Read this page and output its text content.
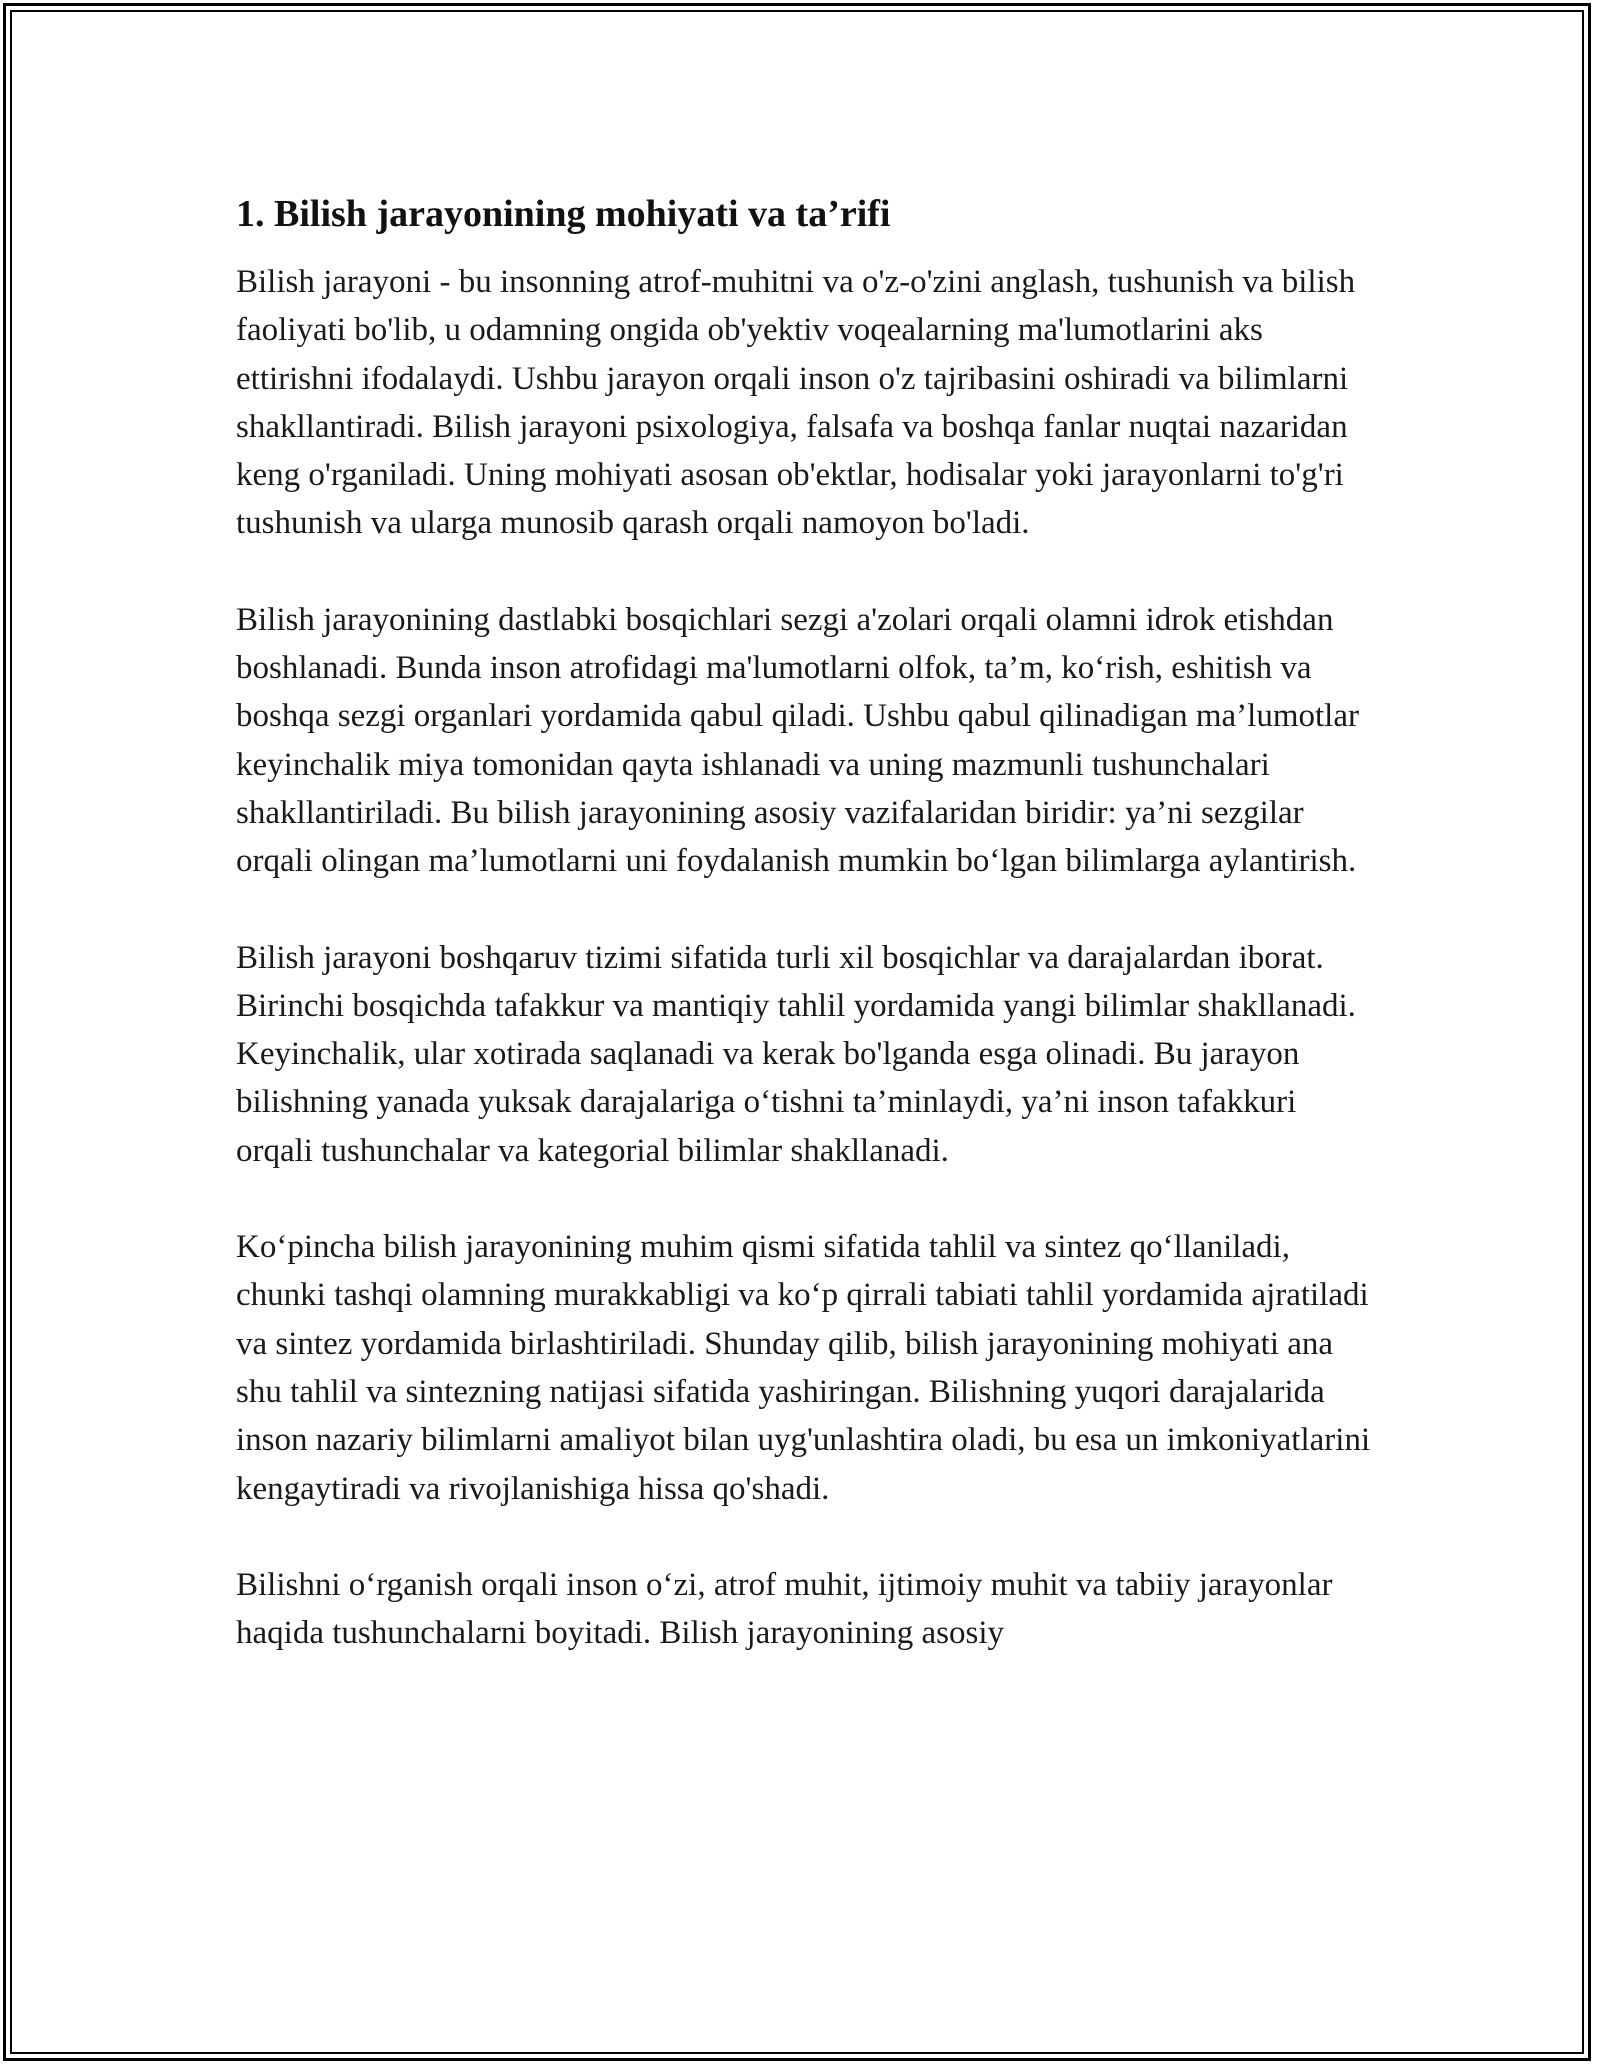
1. Bilish jarayonining mohiyati va ta’rifi

Bilish jarayoni - bu insonning atrof-muhitni va o'z-o'zini anglash, tushunish va bilish faoliyati bo'lib, u odamning ongida ob'yektiv voqealarning ma'lumotlarini aks ettirishni ifodalaydi. Ushbu jarayon orqali inson o'z tajribasini oshiradi va bilimlarni shakllantiradi. Bilish jarayoni psixologiya, falsafa va boshqa fanlar nuqtai nazaridan keng o'rganiladi. Uning mohiyati asosan ob'ektlar, hodisalar yoki jarayonlarni to'g'ri tushunish va ularga munosib qarash orqali namoyon bo'ladi.

Bilish jarayonining dastlabki bosqichlari sezgi a'zolari orqali olamni idrok etishdan boshlanadi. Bunda inson atrofidagi ma'lumotlarni olfok, ta’m, ko‘rish, eshitish va boshqa sezgi organlari yordamida qabul qiladi. Ushbu qabul qilinadigan ma’lumotlar keyinchalik miya tomonidan qayta ishlanadi va uning mazmunli tushunchalari shakllantiriladi. Bu bilish jarayonining asosiy vazifalaridan biridir: ya’ni sezgilar orqali olingan ma’lumotlarni uni foydalanish mumkin bo‘lgan bilimlarga aylantirish.

Bilish jarayoni boshqaruv tizimi sifatida turli xil bosqichlar va darajalardan iborat. Birinchi bosqichda tafakkur va mantiqiy tahlil yordamida yangi bilimlar shakllanadi. Keyinchalik, ular xotirada saqlanadi va kerak bo'lganda esga olinadi. Bu jarayon bilishning yanada yuksak darajalariga o‘tishni ta’minlaydi, ya’ni inson tafakkuri orqali tushunchalar va kategorial bilimlar shakllanadi.

Ko‘pincha bilish jarayonining muhim qismi sifatida tahlil va sintez qo‘llaniladi, chunki tashqi olamning murakkabligi va ko‘p qirrali tabiati tahlil yordamida ajratiladi va sintez yordamida birlashtiriladi. Shunday qilib, bilish jarayonining mohiyati ana shu tahlil va sintezning natijasi sifatida yashiringan. Bilishning yuqori darajalarida inson nazariy bilimlarni amaliyot bilan uyg'unlashtira oladi, bu esa un imkoniyatlarini kengaytiradi va rivojlanishiga hissa qo'shadi.

Bilishni o‘rganish orqali inson o‘zi, atrof muhit, ijtimoiy muhit va tabiiy jarayonlar haqida tushunchalarni boyitadi. Bilish jarayonining asosiy
